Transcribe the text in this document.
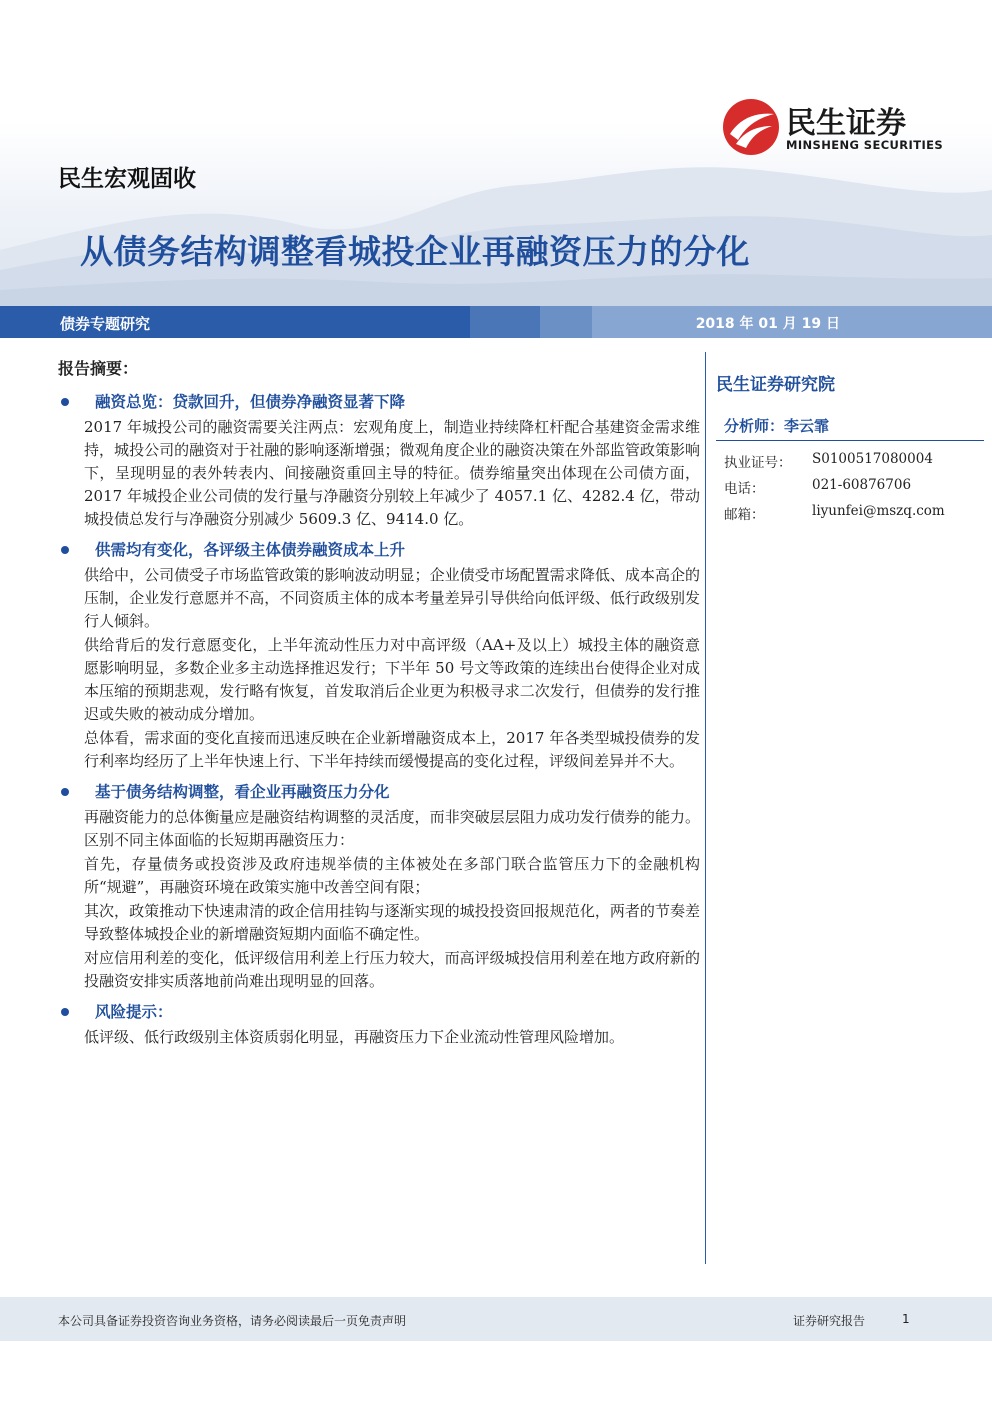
民生证券
MINSHENG SECURITIES
民生宏观固收
从债务结构调整看城投企业再融资压力的分化
债券专题研究	2018 年 01 月 19 日
报告摘要：
融资总览：贷款回升，但债券净融资显著下降
2017 年城投公司的融资需要关注两点：宏观角度上，制造业持续降杠杆配合基建资金需求维持，城投公司的融资对于社融的影响逐渐增强；微观角度企业的融资决策在外部监管政策影响下，呈现明显的表外转表内、间接融资重回主导的特征。债券缩量突出体现在公司债方面，2017 年城投企业公司债的发行量与净融资分别较上年减少了 4057.1 亿、4282.4 亿，带动城投债总发行与净融资分别减少 5609.3 亿、9414.0 亿。
供需均有变化，各评级主体债券融资成本上升
供给中，公司债受子市场监管政策的影响波动明显；企业债受市场配置需求降低、成本高企的压制，企业发行意愿并不高，不同资质主体的成本考量差异引导供给向低评级、低行政级别发行人倾斜。
供给背后的发行意愿变化，上半年流动性压力对中高评级（AA+及以上）城投主体的融资意愿影响明显，多数企业多主动选择推迟发行；下半年 50 号文等政策的连续出台使得企业对成本压缩的预期悲观，发行略有恢复，首发取消后企业更为积极寻求二次发行，但债券的发行推迟或失败的被动成分增加。
总体看，需求面的变化直接而迅速反映在企业新增融资成本上，2017 年各类型城投债券的发行利率均经历了上半年快速上行、下半年持续而缓慢提高的变化过程，评级间差异并不大。
基于债务结构调整，看企业再融资压力分化
再融资能力的总体衡量应是融资结构调整的灵活度，而非突破层层阻力成功发行债券的能力。区别不同主体面临的长短期再融资压力：
首先，存量债务或投资涉及政府违规举债的主体被处在多部门联合监管压力下的金融机构所“规避”，再融资环境在政策实施中改善空间有限；
其次，政策推动下快速肃清的政企信用挂钩与逐渐实现的城投投资回报规范化，两者的节奏差导致整体城投企业的新增融资短期内面临不确定性。
对应信用利差的变化，低评级信用利差上行压力较大，而高评级城投信用利差在地方政府新的投融资安排实质落地前尚难出现明显的回落。
风险提示：
低评级、低行政级别主体资质弱化明显，再融资压力下企业流动性管理风险增加。
民生证券研究院
分析师：李云霏
执业证号： S0100517080004
电话：	021-60876706
邮箱：	liyunfei@mszq.com
本公司具备证券投资咨询业务资格，请务必阅读最后一页免责声明	证券研究报告	1
